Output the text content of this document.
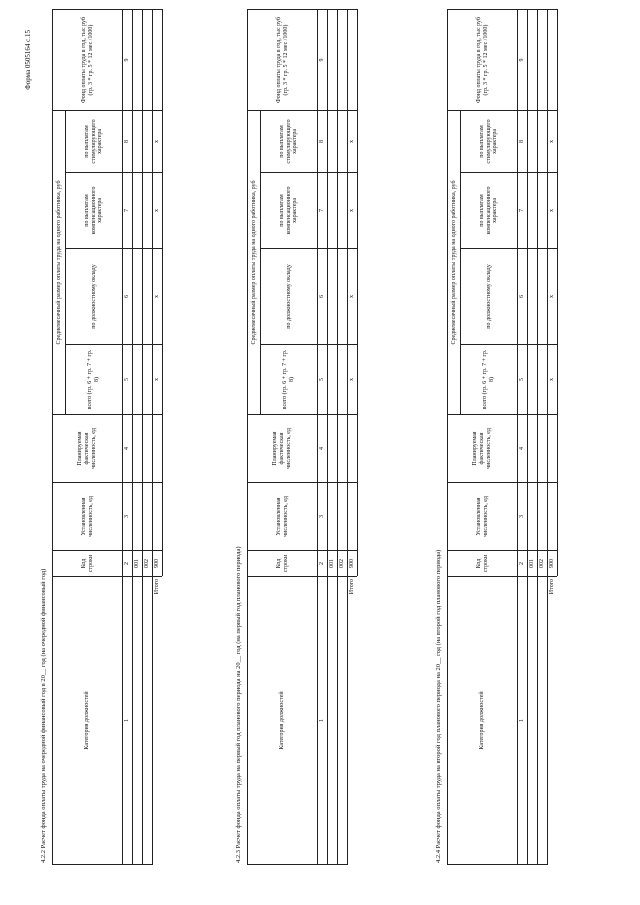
Форма 0505164 с.15
4.2.2 Расчет фонда оплаты труда на очередной финансовый год в 20__ год (на очередной финансовый год)	Категория должностей	Код строки	Установленная численность, ед	Планируемая фактическая численность, ед	Среднемесячный размер оплаты труда на одного работника, руб				Фонд оплаты труда в год, тыс руб (гр. 3 * гр. 5 * 12 мес /1000)
				всего (гр. 6 + гр. 7 + гр. 8)	по должностному окладу	по выплатам компенсационного характера	по выплатам стимулирующего характера	
1	2	3	4	5	6	7	8	9
	001							
	002							
Итого	900			х	х	х	х	
4.2.3 Расчет фонда оплаты труда на первый год планового периода на 20__ год (на первый год планового периода)	Категория должностей	Код строки	Установленная численность, ед	Планируемая фактическая численность, ед	Среднемесячный размер оплаты труда на одного работника, руб				Фонд оплаты труда в год, тыс руб (гр. 3 * гр. 5 * 12 мес /1000)
				всего (гр. 6 + гр. 7 + гр. 8)	по должностному окладу	по выплатам компенсационного характера	по выплатам стимулирующего характера	
1	2	3	4	5	6	7	8	9
	001							
	002							
Итого	900			х	х	х	х	
4.2.4 Расчет фонда оплаты труда на второй год планового периода на 20__ год (на второй год планового периода)	Категория должностей	Код строки	Установленная численность, ед	Планируемая фактическая численность, ед	Среднемесячный размер оплаты труда на одного работника, руб				Фонд оплаты труда в год, тыс руб (гр. 3 * гр. 5 * 12 мес /1000)
				всего (гр. 6 + гр. 7 + гр. 8)	по должностному окладу	по выплатам компенсационного характера	по выплатам стимулирующего характера	
1	2	3	4	5	6	7	8	9
	001							
	002							
Итого	900			х	х	х	х	
